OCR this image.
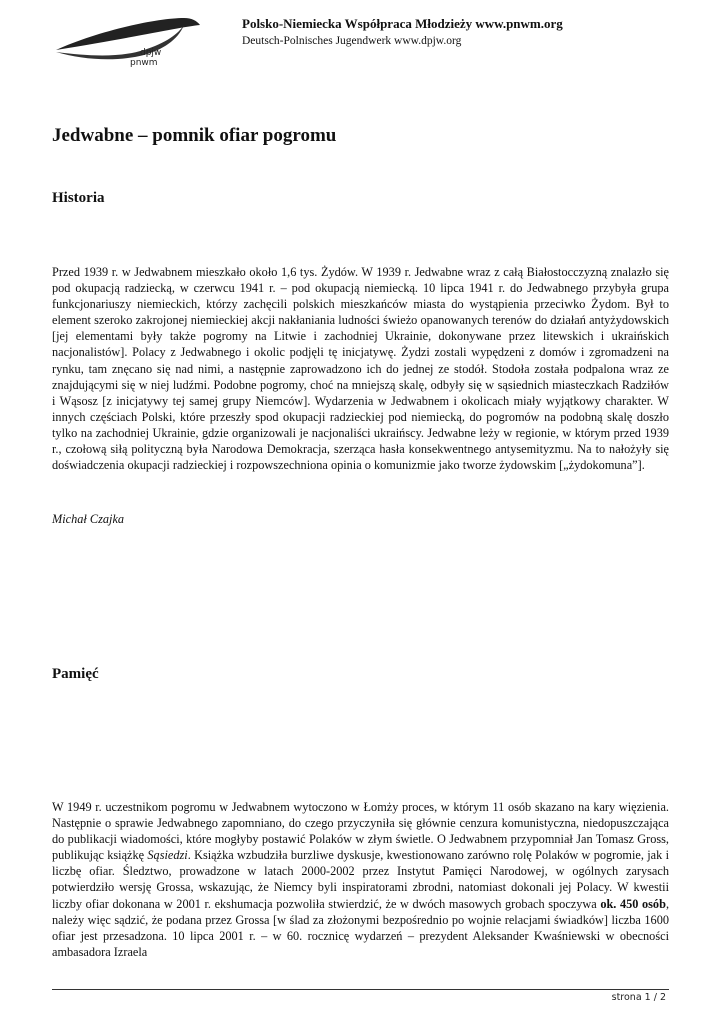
dpjw
pnwm

Polsko-Niemiecka Współpraca Młodzieży www.pnwm.org

Deutsch-Polnisches Jugendwerk www.dpjw.org

Jedwabne – pomnik ofiar pogromu
Historia

Przed 1939 r. w Jedwabnem mieszkało około 1,6 tys. Żydów. W 1939 r. Jedwabne wraz z całą Białostocczyzną znalazło się pod okupacją radziecką, w czerwcu 1941 r. – pod okupacją niemiecką. 10 lipca 1941 r. do Jedwabnego przybyła grupa funkcjonariuszy niemieckich, którzy zachęcili polskich mieszkańców miasta do wystąpienia przeciwko Żydom. Był to element szeroko zakrojonej niemieckiej akcji nakłaniania ludności świeżo opanowanych terenów do działań antyżydowskich [jej elementami były także pogromy na Litwie i zachodniej Ukrainie, dokonywane przez litewskich i ukraińskich nacjonalistów]. Polacy z Jedwabnego i okolic podjęli tę inicjatywę. Żydzi zostali wypędzeni z domów i zgromadzeni na rynku, tam znęcano się nad nimi, a następnie zaprowadzono ich do jednej ze stodół. Stodoła została podpalona wraz ze znajdującymi się w niej ludźmi. Podobne pogromy, choć na mniejszą skalę, odbyły się w sąsiednich miasteczkach Radziłów i Wąsosz [z inicjatywy tej samej grupy Niemców]. Wydarzenia w Jedwabnem i okolicach miały wyjątkowy charakter. W innych częściach Polski, które przeszły spod okupacji radzieckiej pod niemiecką, do pogromów na podobną skalę doszło tylko na zachodniej Ukrainie, gdzie organizowali je nacjonaliści ukraińscy. Jedwabne leży w regionie, w którym przed 1939 r., czołową siłą polityczną była Narodowa Demokracja, szerząca hasła konsekwentnego antysemityzmu. Na to nałożyły się doświadczenia okupacji radzieckiej i rozpowszechniona opinia o komunizmie jako tworze żydowskim [„żydokomuna”].

Michał Czajka

Pamięć

W 1949 r. uczestnikom pogromu w Jedwabnem wytoczono w Łomży proces, w którym 11 osób skazano na kary więzienia. Następnie o sprawie Jedwabnego zapomniano, do czego przyczyniła się głównie cenzura komunistyczna, niedopuszczająca do publikacji wiadomości, które mogłyby postawić Polaków w złym świetle. O Jedwabnem przypomniał Jan Tomasz Gross, publikując książkę Sąsiedzi. Książka wzbudziła burzliwe dyskusje, kwestionowano zarówno rolę Polaków w pogromie, jak i liczbę ofiar. Śledztwo, prowadzone w latach 2000-2002 przez Instytut Pamięci Narodowej, w ogólnych zarysach potwierdziło wersję Grossa, wskazując, że Niemcy byli inspiratorami zbrodni, natomiast dokonali jej Polacy. W kwestii liczby ofiar dokonana w 2001 r. ekshumacja pozwoliła stwierdzić, że w dwóch masowych grobach spoczywa ok. 450 osób, należy więc sądzić, że podana przez Grossa [w ślad za złożonymi bezpośrednio po wojnie relacjami świadków] liczba 1600 ofiar jest przesadzona. 10 lipca 2001 r. – w 60. rocznicę wydarzeń – prezydent Aleksander Kwaśniewski w obecności ambasadora Izraela

strona 1 / 2
